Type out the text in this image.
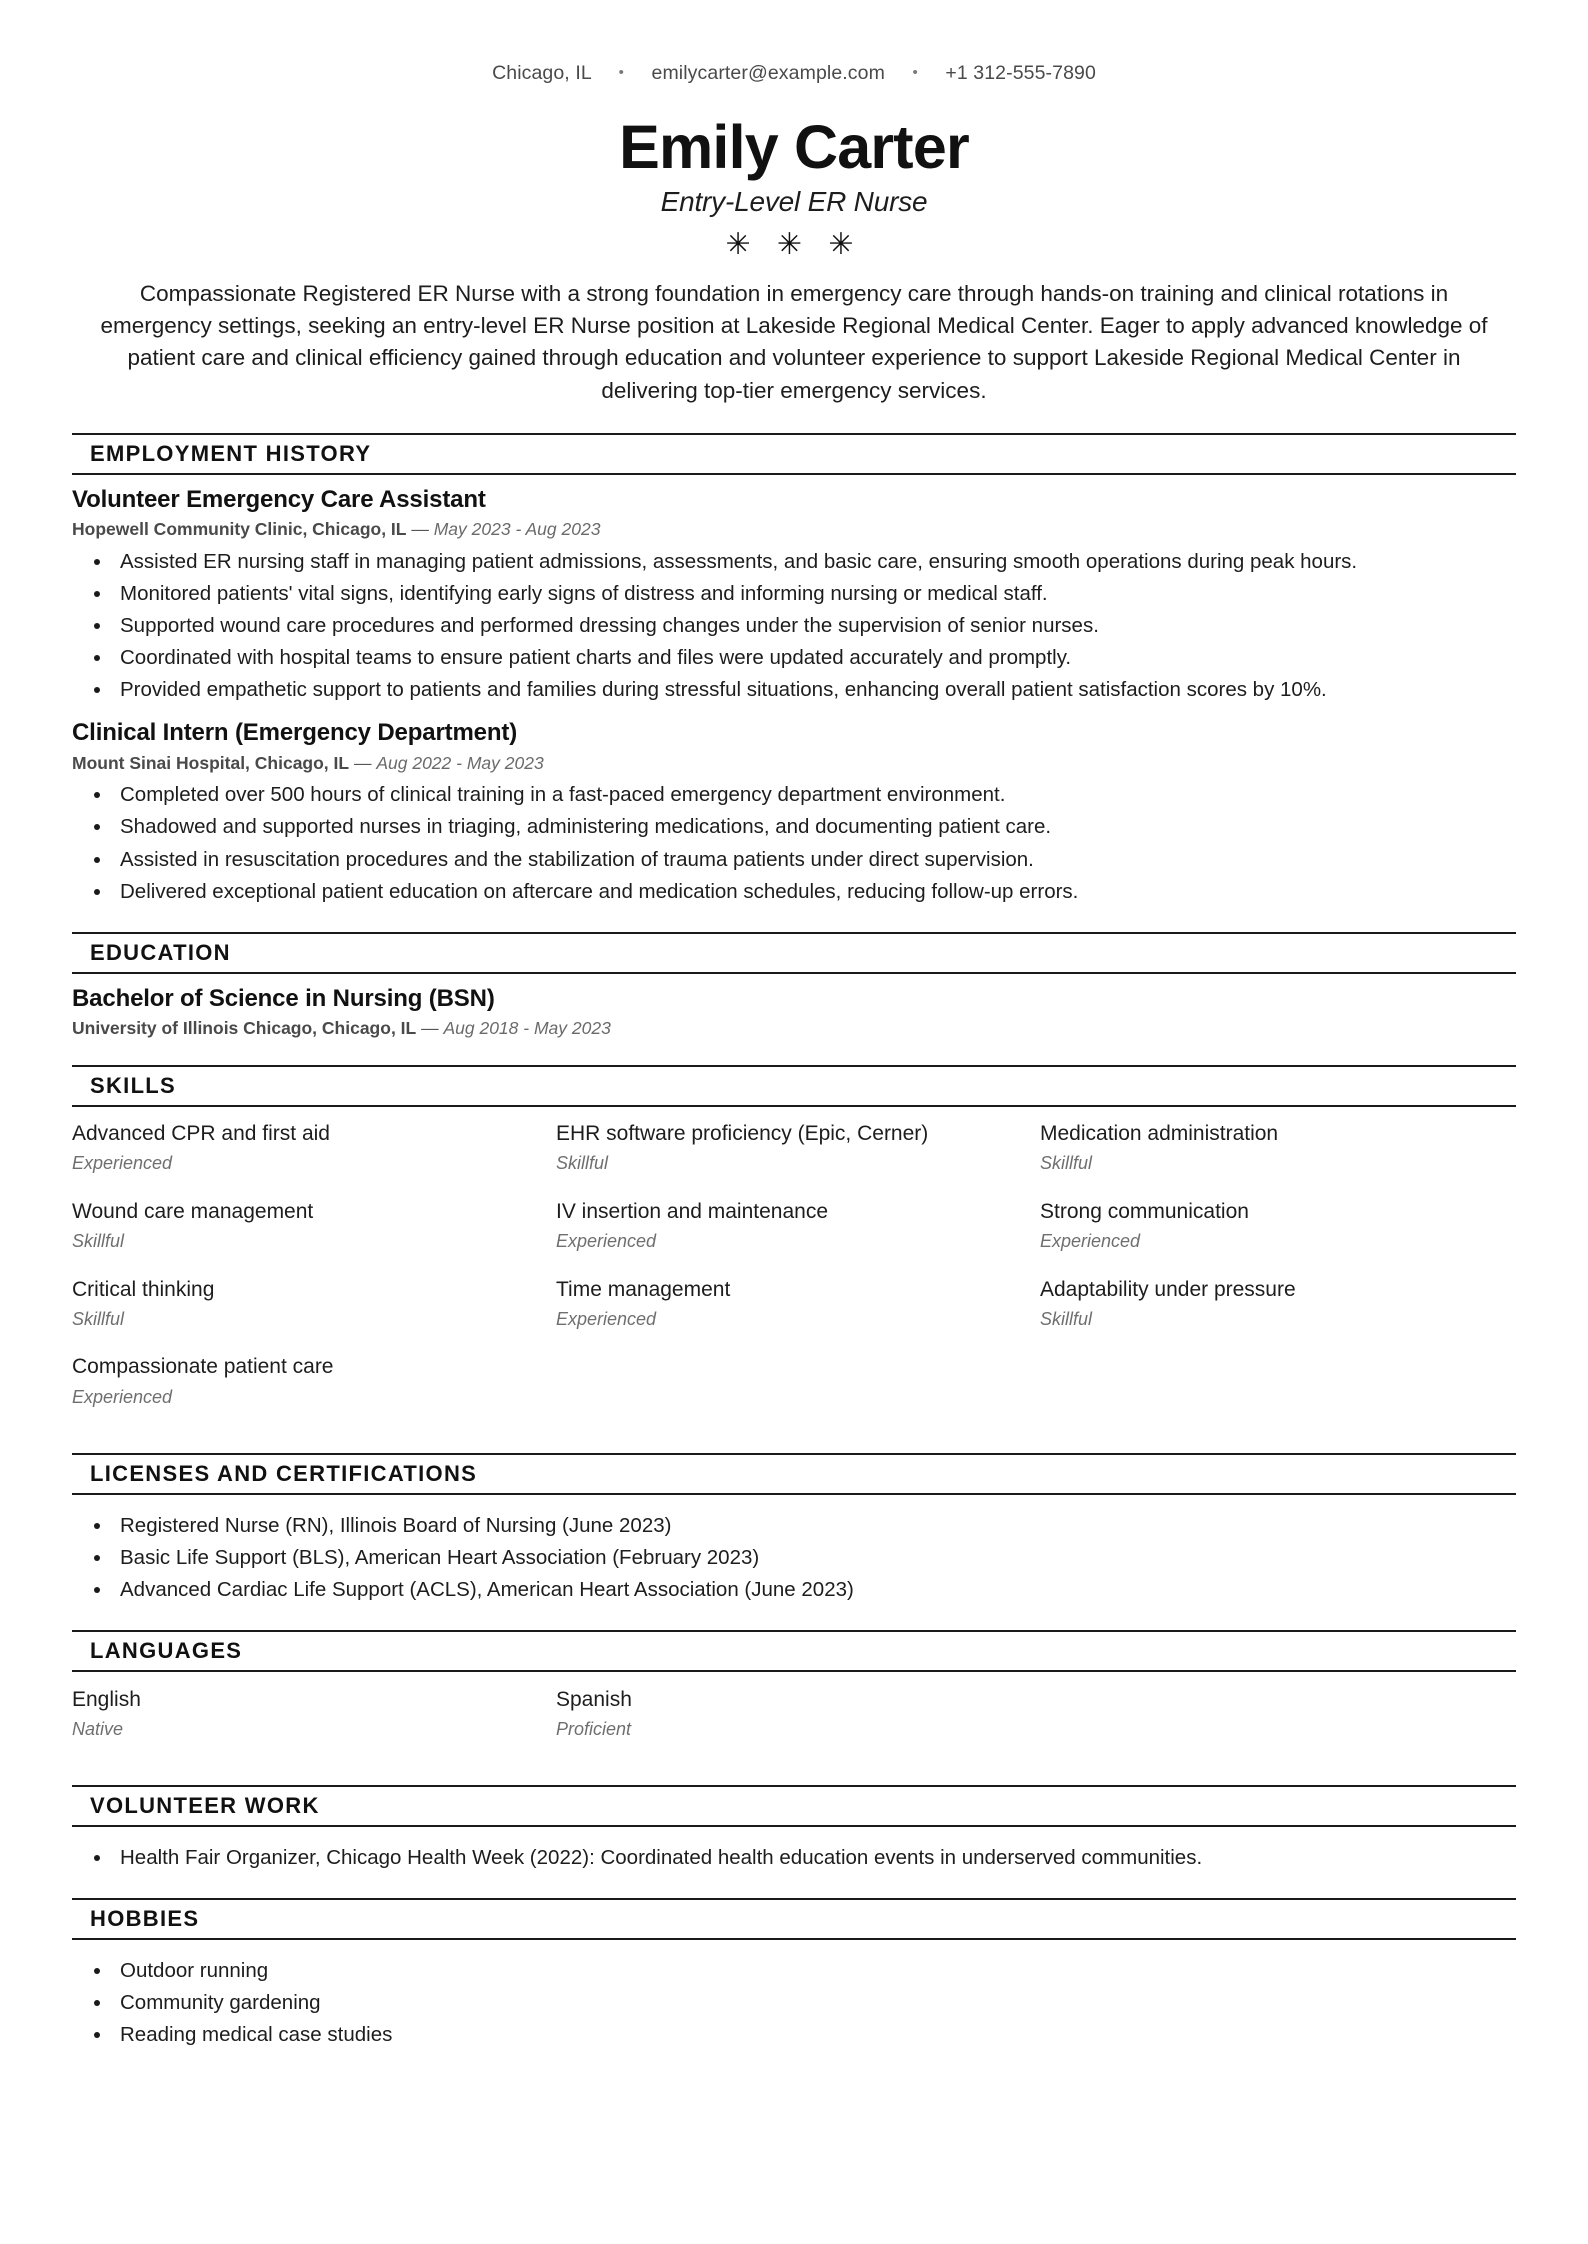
Chicago, IL • emilycarter@example.com • +1 312-555-7890
Emily Carter
Entry-Level ER Nurse
✳ ✳ ✳
Compassionate Registered ER Nurse with a strong foundation in emergency care through hands-on training and clinical rotations in emergency settings, seeking an entry-level ER Nurse position at Lakeside Regional Medical Center. Eager to apply advanced knowledge of patient care and clinical efficiency gained through education and volunteer experience to support Lakeside Regional Medical Center in delivering top-tier emergency services.
EMPLOYMENT HISTORY
Volunteer Emergency Care Assistant
Hopewell Community Clinic, Chicago, IL — May 2023 - Aug 2023
Assisted ER nursing staff in managing patient admissions, assessments, and basic care, ensuring smooth operations during peak hours.
Monitored patients' vital signs, identifying early signs of distress and informing nursing or medical staff.
Supported wound care procedures and performed dressing changes under the supervision of senior nurses.
Coordinated with hospital teams to ensure patient charts and files were updated accurately and promptly.
Provided empathetic support to patients and families during stressful situations, enhancing overall patient satisfaction scores by 10%.
Clinical Intern (Emergency Department)
Mount Sinai Hospital, Chicago, IL — Aug 2022 - May 2023
Completed over 500 hours of clinical training in a fast-paced emergency department environment.
Shadowed and supported nurses in triaging, administering medications, and documenting patient care.
Assisted in resuscitation procedures and the stabilization of trauma patients under direct supervision.
Delivered exceptional patient education on aftercare and medication schedules, reducing follow-up errors.
EDUCATION
Bachelor of Science in Nursing (BSN)
University of Illinois Chicago, Chicago, IL — Aug 2018 - May 2023
SKILLS
Advanced CPR and first aid
Experienced
EHR software proficiency (Epic, Cerner)
Skillful
Medication administration
Skillful
Wound care management
Skillful
IV insertion and maintenance
Experienced
Strong communication
Experienced
Critical thinking
Skillful
Time management
Experienced
Adaptability under pressure
Skillful
Compassionate patient care
Experienced
LICENSES AND CERTIFICATIONS
Registered Nurse (RN), Illinois Board of Nursing (June 2023)
Basic Life Support (BLS), American Heart Association (February 2023)
Advanced Cardiac Life Support (ACLS), American Heart Association (June 2023)
LANGUAGES
English
Native
Spanish
Proficient
VOLUNTEER WORK
Health Fair Organizer, Chicago Health Week (2022): Coordinated health education events in underserved communities.
HOBBIES
Outdoor running
Community gardening
Reading medical case studies
